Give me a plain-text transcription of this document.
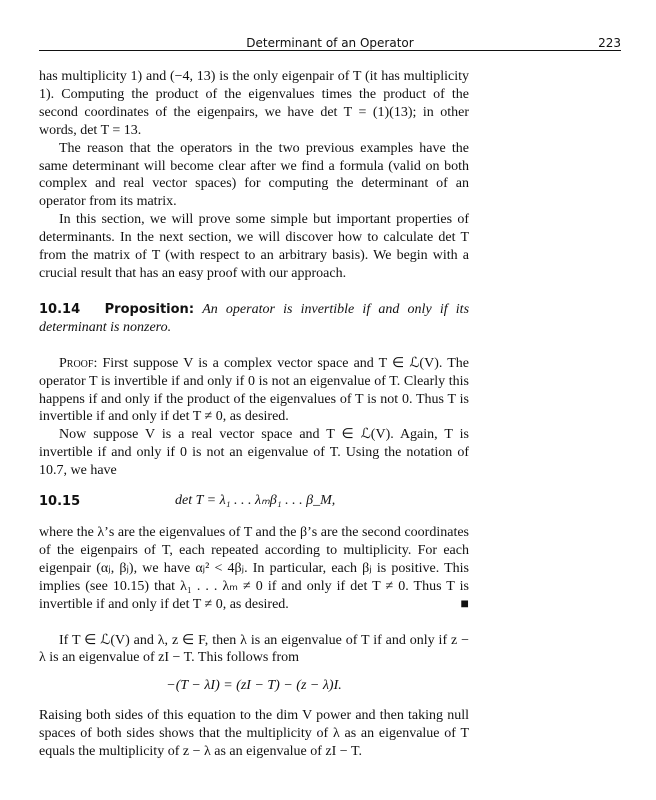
Determinant of an Operator	223

has multiplicity 1) and (−4, 13) is the only eigenpair of T (it has multiplicity 1). Computing the product of the eigenvalues times the product of the second coordinates of the eigenpairs, we have det T = (1)(13); in other words, det T = 13.

The reason that the operators in the two previous examples have the same determinant will become clear after we find a formula (valid on both complex and real vector spaces) for computing the determinant of an operator from its matrix.

In this section, we will prove some simple but important properties of determinants. In the next section, we will discover how to calculate det T from the matrix of T (with respect to an arbitrary basis). We begin with a crucial result that has an easy proof with our approach.

10.14 Proposition: An operator is invertible if and only if its determinant is nonzero.

Proof: First suppose V is a complex vector space and T ∈ ℒ(V). The operator T is invertible if and only if 0 is not an eigenvalue of T. Clearly this happens if and only if the product of the eigenvalues of T is not 0. Thus T is invertible if and only if det T ≠ 0, as desired.

Now suppose V is a real vector space and T ∈ ℒ(V). Again, T is invertible if and only if 0 is not an eigenvalue of T. Using the notation of 10.7, we have

10.15	det T = λ₁ . . . λₘβ₁ . . . β_M,

where the λ’s are the eigenvalues of T and the β’s are the second coordinates of the eigenpairs of T, each repeated according to multiplicity. For each eigenpair (αⱼ, βⱼ), we have αⱼ² < 4βⱼ. In particular, each βⱼ is positive. This implies (see 10.15) that λ₁ . . . λₘ ≠ 0 if and only if det T ≠ 0. Thus T is invertible if and only if det T ≠ 0, as desired.	■

If T ∈ ℒ(V) and λ, z ∈ F, then λ is an eigenvalue of T if and only if z − λ is an eigenvalue of zI − T. This follows from

−(T − λI) = (zI − T) − (z − λ)I.

Raising both sides of this equation to the dim V power and then taking null spaces of both sides shows that the multiplicity of λ as an eigenvalue of T equals the multiplicity of z − λ as an eigenvalue of zI − T.
